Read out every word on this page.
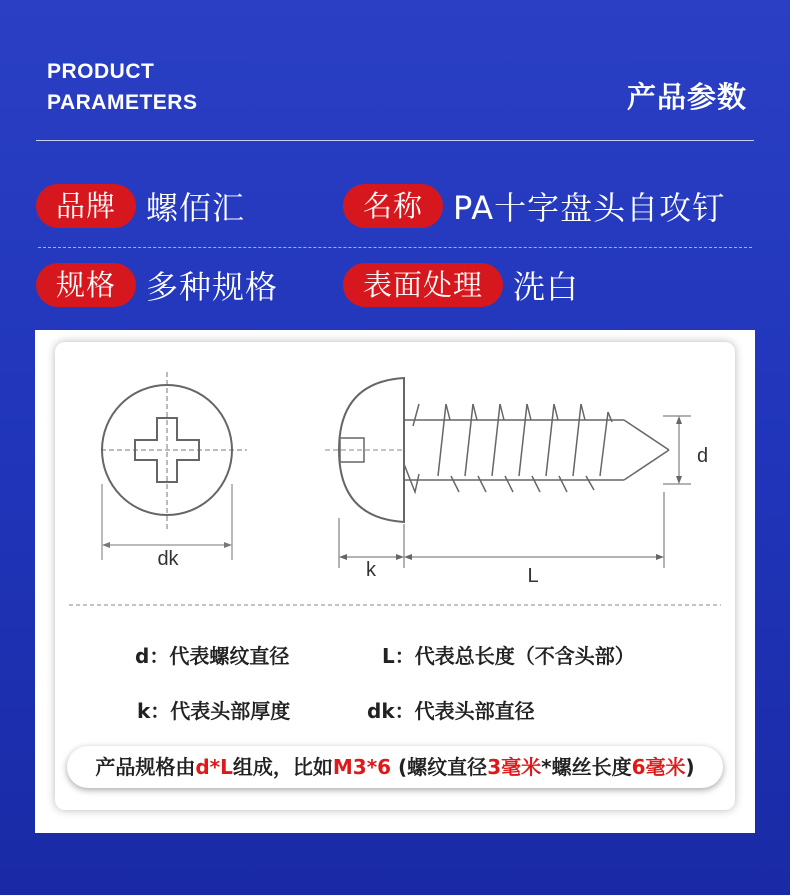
PRODUCT
PARAMETERS	产品参数
品牌 螺佰汇	名称 PA十字盘头自攻钉
规格 多种规格	表面处理 洗白
dk
d
k	L
d：代表螺纹直径	L：代表总长度（不含头部）
k：代表头部厚度	dk：代表头部直径
产品规格由d*L组成，比如M3*6 (螺纹直径3毫米*螺丝长度6毫米)
